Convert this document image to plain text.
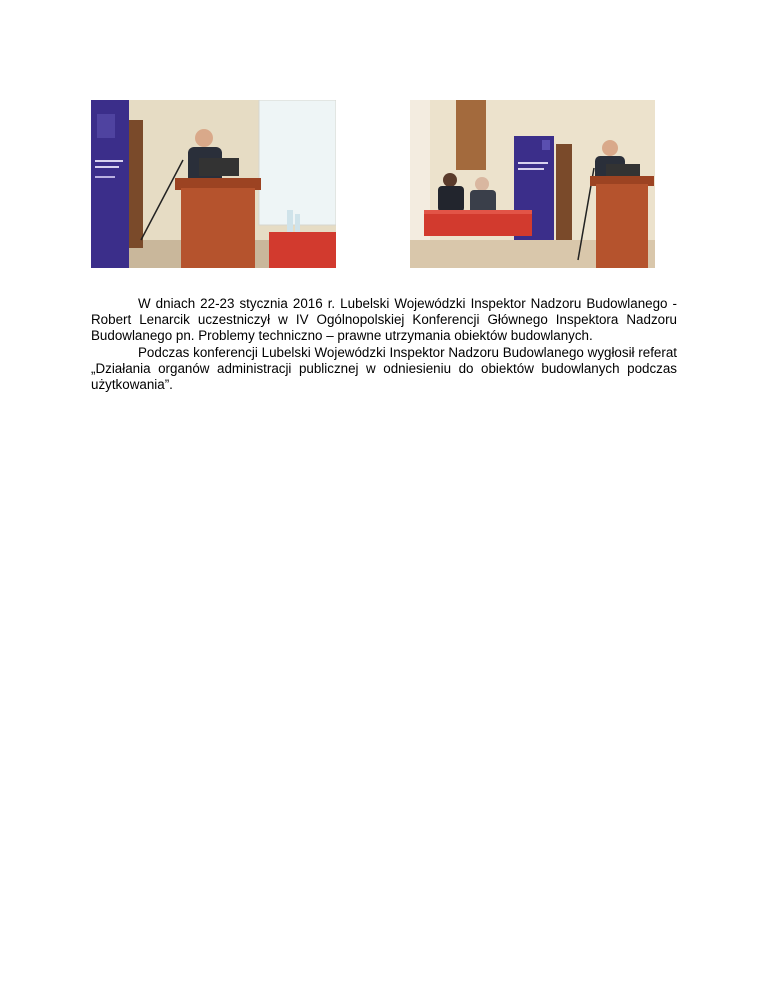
W dniach 22-23 stycznia 2016 r. Lubelski Wojewódzki Inspektor Nadzoru Budowlanego - Robert Lenarcik uczestniczył w IV Ogólnopolskiej Konferencji Głównego Inspektora Nadzoru Budowlanego pn. Problemy techniczno – prawne utrzymania obiektów budowlanych.

Podczas konferencji Lubelski Wojewódzki Inspektor Nadzoru Budowlanego wygłosił referat „Działania organów administracji publicznej w odniesieniu do obiektów budowlanych podczas użytkowania”.
